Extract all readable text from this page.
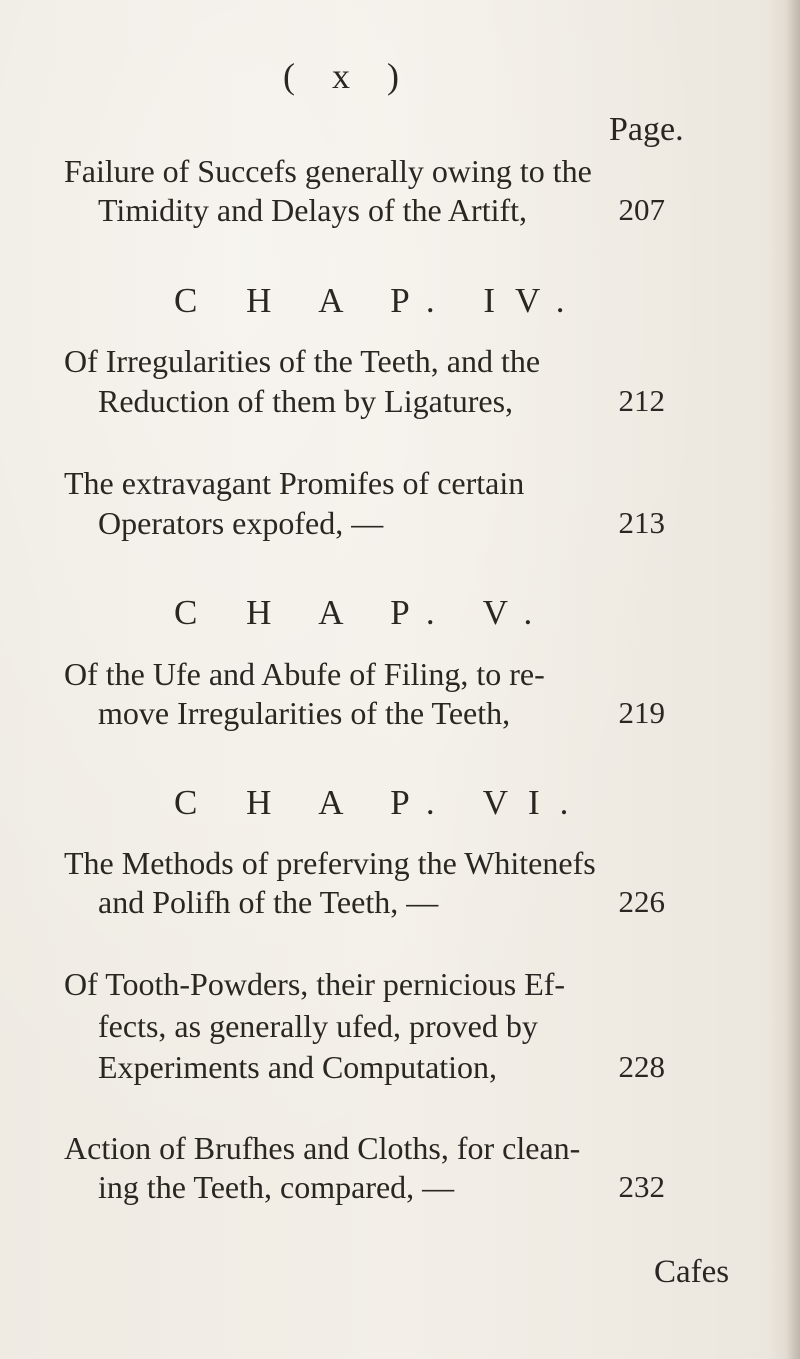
( x )
Page.
Failure of Succefs generally owing to the
Timidity and Delays of the Artift,	207
C H A P. IV.
Of Irregularities of the Teeth, and the
Reduction of them by Ligatures,	212
The extravagant Promifes of certain
Operators expofed, —	213
C H A P. V.
Of the Ufe and Abufe of Filing, to re-
move Irregularities of the Teeth,	219
C H A P. VI.
The Methods of preferving the Whitenefs
and Polifh of the Teeth, —	226
Of Tooth-Powders, their pernicious Ef-
fects, as generally ufed, proved by
Experiments and Computation,	228
Action of Brufhes and Cloths, for clean-
ing the Teeth, compared, —	232
Cafes
